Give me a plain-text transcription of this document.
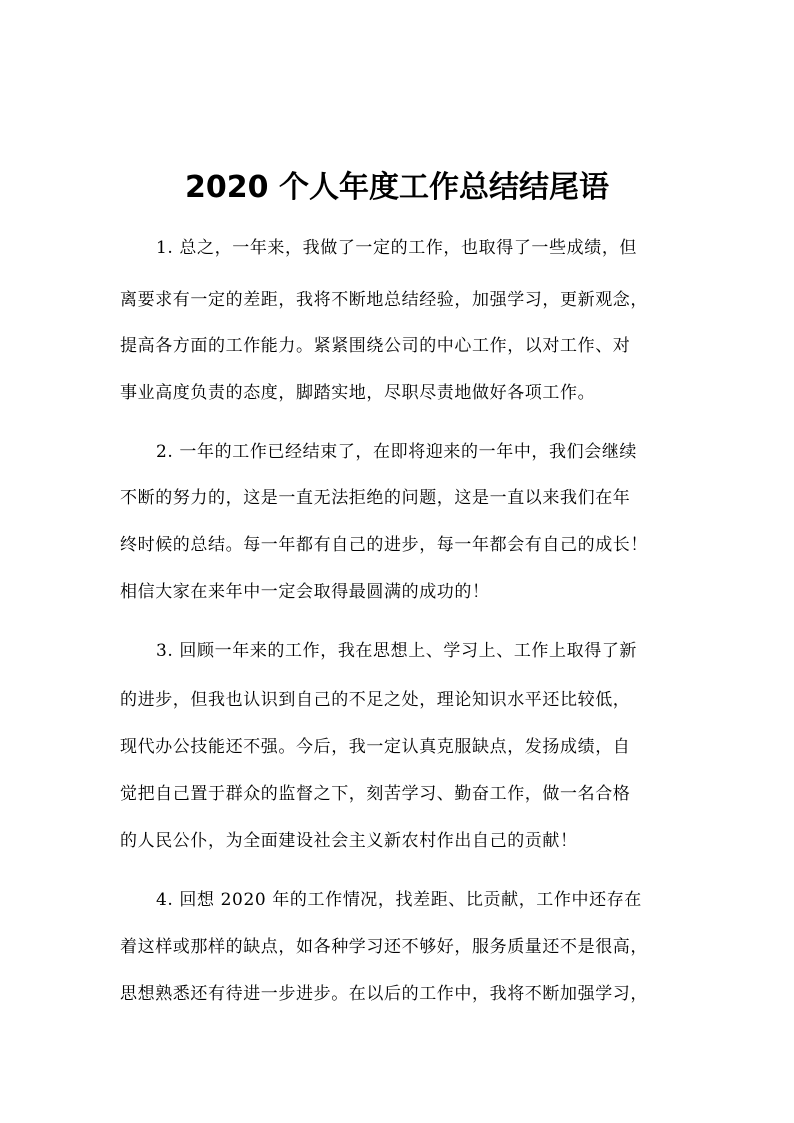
2020 个人年度工作总结结尾语
1. 总之，一年来，我做了一定的工作，也取得了一些成绩，但
离要求有一定的差距，我将不断地总结经验，加强学习，更新观念，
提高各方面的工作能力。紧紧围绕公司的中心工作，以对工作、对
事业高度负责的态度，脚踏实地，尽职尽责地做好各项工作。
2. 一年的工作已经结束了，在即将迎来的一年中，我们会继续
不断的努力的，这是一直无法拒绝的问题，这是一直以来我们在年
终时候的总结。每一年都有自己的进步，每一年都会有自己的成长！
相信大家在来年中一定会取得最圆满的成功的！
3. 回顾一年来的工作，我在思想上、学习上、工作上取得了新
的进步，但我也认识到自己的不足之处，理论知识水平还比较低，
现代办公技能还不强。今后，我一定认真克服缺点，发扬成绩，自
觉把自己置于群众的监督之下，刻苦学习、勤奋工作，做一名合格
的人民公仆，为全面建设社会主义新农村作出自己的贡献！
4. 回想 2020 年的工作情况，找差距、比贡献，工作中还存在
着这样或那样的缺点，如各种学习还不够好，服务质量还不是很高，
思想熟悉还有待进一步进步。在以后的工作中，我将不断加强学习，
